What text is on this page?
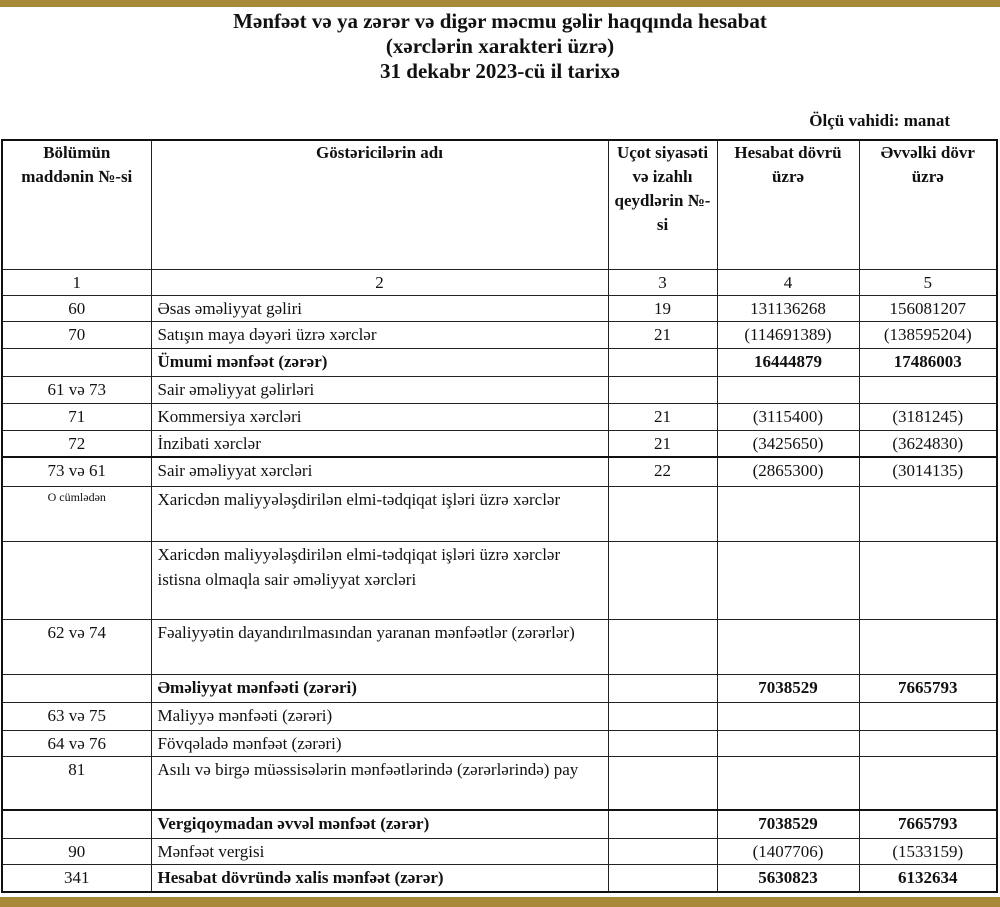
Mənfəət və ya zərər və digər məcmu gəlir haqqında hesabat
(xərclərin xarakteri üzrə)
31 dekabr 2023-cü il tarixə
Ölçü vahidi: manat
Bölümün maddənin №-si	Göstəricilərin adı	Uçot siyasəti və izahlı qeydlərin №-si	Hesabat dövrü üzrə	Əvvəlki dövr üzrə
1	2	3	4	5
60	Əsas əməliyyat gəliri	19	131136268	156081207
70	Satışın maya dəyəri üzrə xərclər	21	(114691389)	(138595204)
	Ümumi mənfəət (zərər)		16444879	17486003
61 və 73	Sair əməliyyat gəlirləri			
71	Kommersiya xərcləri	21	(3115400)	(3181245)
72	İnzibati xərclər	21	(3425650)	(3624830)
73 və 61	Sair əməliyyat xərcləri	22	(2865300)	(3014135)
O cümlədən	Xaricdən maliyyələşdirilən elmi-tədqiqat işləri üzrə xərclər			
	Xaricdən maliyyələşdirilən elmi-tədqiqat işləri üzrə xərclər istisna olmaqla sair əməliyyat xərcləri			
62 və 74	Fəaliyyətin dayandırılmasından yaranan mənfəətlər (zərərlər)			
	Əməliyyat mənfəəti (zərəri)		7038529	7665793
63 və 75	Maliyyə mənfəəti (zərəri)			
64 və 76	Fövqəladə mənfəət (zərəri)			
81	Asılı və birgə müəssisələrin mənfəətlərində (zərərlərində) pay			
	Vergiqoymadan əvvəl mənfəət (zərər)		7038529	7665793
90	Mənfəət vergisi		(1407706)	(1533159)
341	Hesabat dövründə xalis mənfəət (zərər)		5630823	6132634
